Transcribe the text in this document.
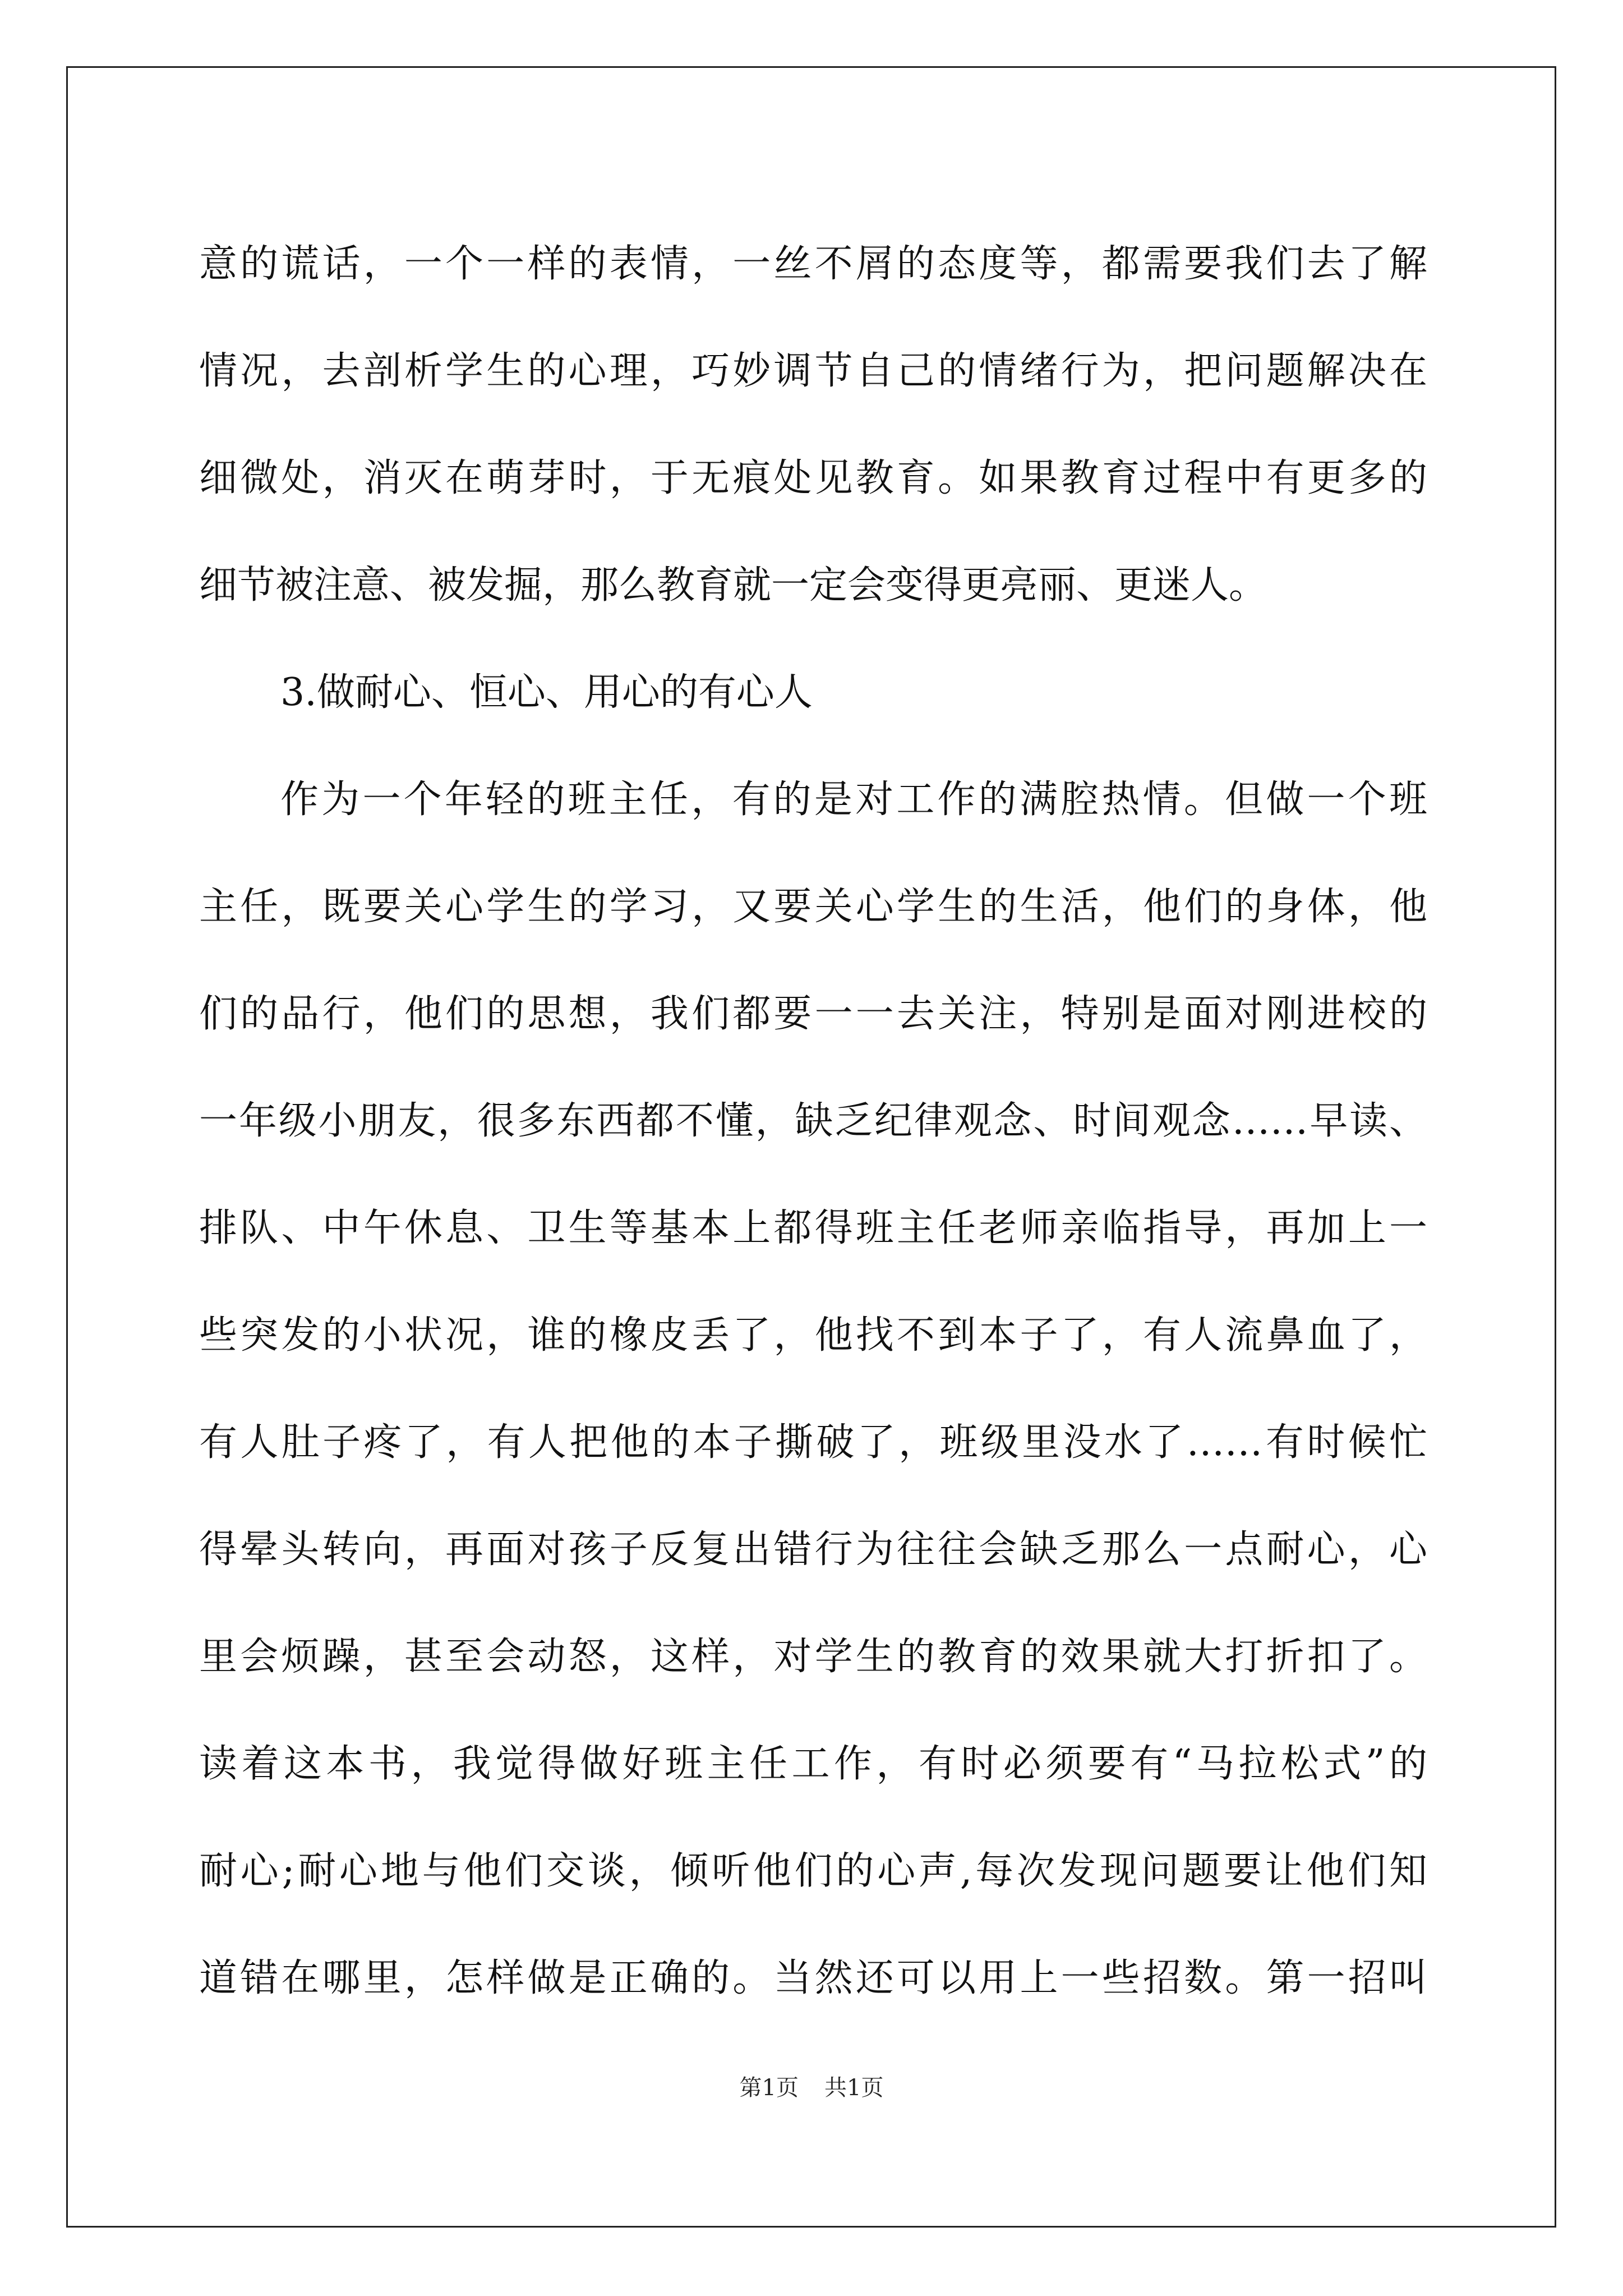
意的谎话，一个一样的表情，一丝不屑的态度等，都需要我们去了解
情况，去剖析学生的心理，巧妙调节自己的情绪行为，把问题解决在
细微处，消灭在萌芽时，于无痕处见教育。如果教育过程中有更多的
细节被注意、被发掘，那么教育就一定会变得更亮丽、更迷人。
3.做耐心、恒心、用心的有心人
作为一个年轻的班主任，有的是对工作的满腔热情。但做一个班
主任，既要关心学生的学习，又要关心学生的生活，他们的身体，他
们的品行，他们的思想，我们都要一一去关注，特别是面对刚进校的
一年级小朋友，很多东西都不懂，缺乏纪律观念、时间观念……早读、
排队、中午休息、卫生等基本上都得班主任老师亲临指导，再加上一
些突发的小状况，谁的橡皮丢了，他找不到本子了，有人流鼻血了，
有人肚子疼了，有人把他的本子撕破了，班级里没水了……有时候忙
得晕头转向，再面对孩子反复出错行为往往会缺乏那么一点耐心，心
里会烦躁，甚至会动怒，这样，对学生的教育的效果就大打折扣了。
读着这本书，我觉得做好班主任工作，有时必须要有“马拉松式”的
耐心;耐心地与他们交谈，倾听他们的心声,每次发现问题要让他们知
道错在哪里，怎样做是正确的。当然还可以用上一些招数。第一招叫
第1页 共1页
